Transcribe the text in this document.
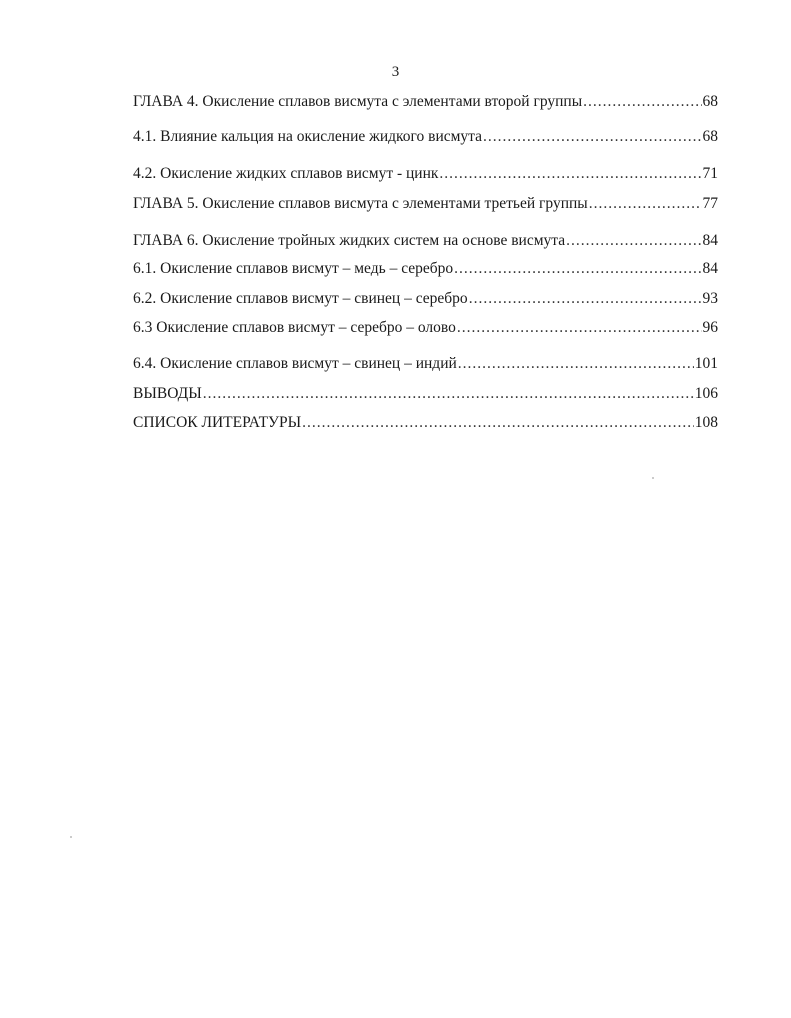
3
ГЛАВА 4. Окисление сплавов висмута с элементами второй группы .....	68
4.1. Влияние кальция на окисление жидкого висмута .....	68
4.2. Окисление жидких сплавов висмут - цинк .....	71
ГЛАВА 5. Окисление сплавов висмута с элементами третьей группы .....	77
ГЛАВА 6. Окисление тройных жидких систем на основе висмута .....	84
6.1. Окисление сплавов висмут – медь – серебро .....	84
6.2. Окисление сплавов висмут – свинец – серебро .....	93
6.3 Окисление сплавов висмут – серебро – олово .....	96
6.4. Окисление сплавов висмут – свинец – индий .....	101
ВЫВОДЫ .....	106
СПИСОК ЛИТЕРАТУРЫ .....	108
